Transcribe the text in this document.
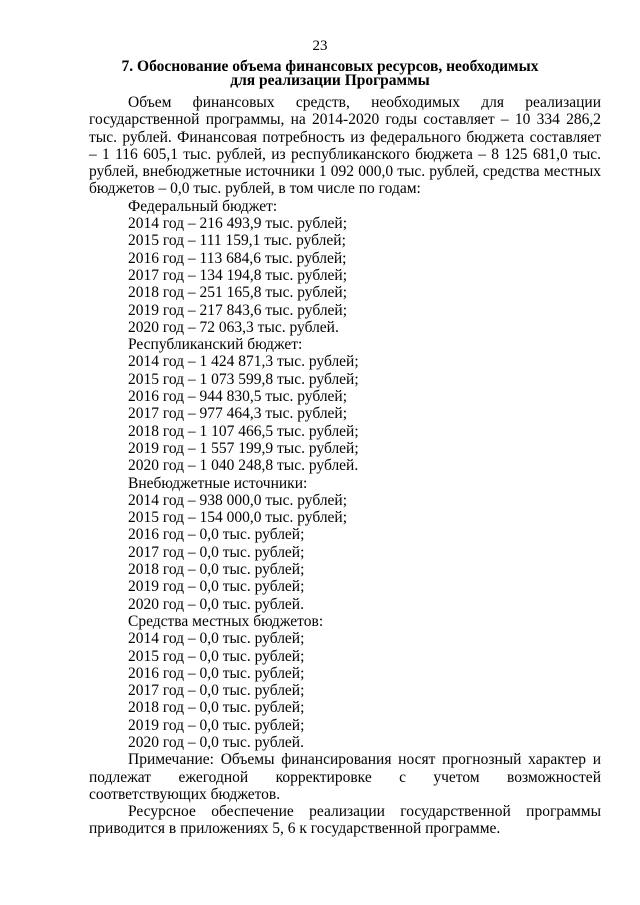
23
7. Обоснование объема финансовых ресурсов, необходимых
для реализации Программы

Объем финансовых средств, необходимых для реализации государственной программы, на 2014-2020 годы составляет – 10 334 286,2 тыс. рублей. Финансовая потребность из федерального бюджета составляет – 1 116 605,1 тыс. рублей, из республиканского бюджета – 8 125 681,0 тыс. рублей, внебюджетные источники 1 092 000,0 тыс. рублей, средства местных бюджетов – 0,0 тыс. рублей, в том числе по годам:

Федеральный бюджет:
2014 год – 216 493,9 тыс. рублей;
2015 год – 111 159,1 тыс. рублей;
2016 год – 113 684,6 тыс. рублей;
2017 год – 134 194,8 тыс. рублей;
2018 год – 251 165,8 тыс. рублей;
2019 год – 217 843,6 тыс. рублей;
2020 год – 72 063,3 тыс. рублей.
Республиканский бюджет:
2014 год – 1 424 871,3 тыс. рублей;
2015 год – 1 073 599,8 тыс. рублей;
2016 год – 944 830,5 тыс. рублей;
2017 год – 977 464,3 тыс. рублей;
2018 год – 1 107 466,5 тыс. рублей;
2019 год – 1 557 199,9 тыс. рублей;
2020 год – 1 040 248,8 тыс. рублей.
Внебюджетные источники:
2014 год – 938 000,0 тыс. рублей;
2015 год – 154 000,0 тыс. рублей;
2016 год – 0,0 тыс. рублей;
2017 год – 0,0 тыс. рублей;
2018 год – 0,0 тыс. рублей;
2019 год – 0,0 тыс. рублей;
2020 год – 0,0 тыс. рублей.
Средства местных бюджетов:
2014 год – 0,0 тыс. рублей;
2015 год – 0,0 тыс. рублей;
2016 год – 0,0 тыс. рублей;
2017 год – 0,0 тыс. рублей;
2018 год – 0,0 тыс. рублей;
2019 год – 0,0 тыс. рублей;
2020 год – 0,0 тыс. рублей.

Примечание: Объемы финансирования носят прогнозный характер и подлежат ежегодной корректировке с учетом возможностей соответствующих бюджетов.

Ресурсное обеспечение реализации государственной программы приводится в приложениях 5, 6 к государственной программе.
